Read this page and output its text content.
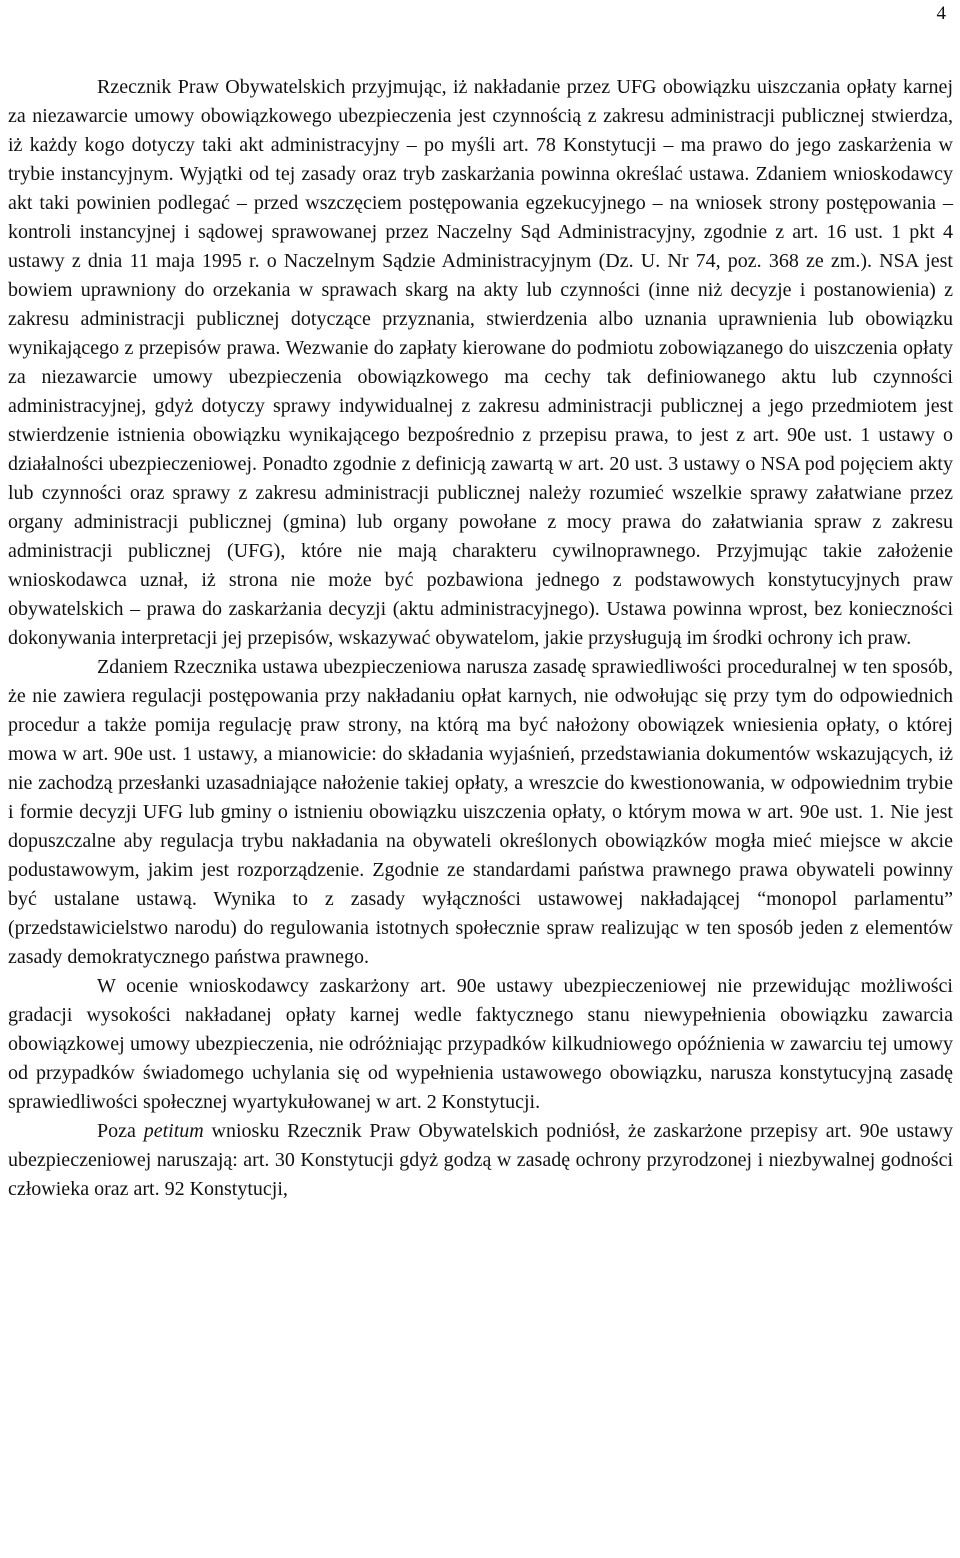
4

Rzecznik Praw Obywatelskich przyjmując, iż nakładanie przez UFG obowiązku uiszczania opłaty karnej za niezawarcie umowy obowiązkowego ubezpieczenia jest czynnością z zakresu administracji publicznej stwierdza, iż każdy kogo dotyczy taki akt administracyjny – po myśli art. 78 Konstytucji – ma prawo do jego zaskarżenia w trybie instancyjnym. Wyjątki od tej zasady oraz tryb zaskarżania powinna określać ustawa. Zdaniem wnioskodawcy akt taki powinien podlegać – przed wszczęciem postępowania egzekucyjnego – na wniosek strony postępowania – kontroli instancyjnej i sądowej sprawowanej przez Naczelny Sąd Administracyjny, zgodnie z art. 16 ust. 1 pkt 4 ustawy z dnia 11 maja 1995 r. o Naczelnym Sądzie Administracyjnym (Dz. U. Nr 74, poz. 368 ze zm.). NSA jest bowiem uprawniony do orzekania w sprawach skarg na akty lub czynności (inne niż decyzje i postanowienia) z zakresu administracji publicznej dotyczące przyznania, stwierdzenia albo uznania uprawnienia lub obowiązku wynikającego z przepisów prawa. Wezwanie do zapłaty kierowane do podmiotu zobowiązanego do uiszczenia opłaty za niezawarcie umowy ubezpieczenia obowiązkowego ma cechy tak definiowanego aktu lub czynności administracyjnej, gdyż dotyczy sprawy indywidualnej z zakresu administracji publicznej a jego przedmiotem jest stwierdzenie istnienia obowiązku wynikającego bezpośrednio z przepisu prawa, to jest z art. 90e ust. 1 ustawy o działalności ubezpieczeniowej. Ponadto zgodnie z definicją zawartą w art. 20 ust. 3 ustawy o NSA pod pojęciem akty lub czynności oraz sprawy z zakresu administracji publicznej należy rozumieć wszelkie sprawy załatwiane przez organy administracji publicznej (gmina) lub organy powołane z mocy prawa do załatwiania spraw z zakresu administracji publicznej (UFG), które nie mają charakteru cywilnoprawnego. Przyjmując takie założenie wnioskodawca uznał, iż strona nie może być pozbawiona jednego z podstawowych konstytucyjnych praw obywatelskich – prawa do zaskarżania decyzji (aktu administracyjnego). Ustawa powinna wprost, bez konieczności dokonywania interpretacji jej przepisów, wskazywać obywatelom, jakie przysługują im środki ochrony ich praw.

Zdaniem Rzecznika ustawa ubezpieczeniowa narusza zasadę sprawiedliwości proceduralnej w ten sposób, że nie zawiera regulacji postępowania przy nakładaniu opłat karnych, nie odwołując się przy tym do odpowiednich procedur a także pomija regulację praw strony, na którą ma być nałożony obowiązek wniesienia opłaty, o której mowa w art. 90e ust. 1 ustawy, a mianowicie: do składania wyjaśnień, przedstawiania dokumentów wskazujących, iż nie zachodzą przesłanki uzasadniające nałożenie takiej opłaty, a wreszcie do kwestionowania, w odpowiednim trybie i formie decyzji UFG lub gminy o istnieniu obowiązku uiszczenia opłaty, o którym mowa w art. 90e ust. 1. Nie jest dopuszczalne aby regulacja trybu nakładania na obywateli określonych obowiązków mogła mieć miejsce w akcie podustawowym, jakim jest rozporządzenie. Zgodnie ze standardami państwa prawnego prawa obywateli powinny być ustalane ustawą. Wynika to z zasady wyłączności ustawowej nakładającej “monopol parlamentu” (przedstawicielstwo narodu) do regulowania istotnych społecznie spraw realizując w ten sposób jeden z elementów zasady demokratycznego państwa prawnego.

W ocenie wnioskodawcy zaskarżony art. 90e ustawy ubezpieczeniowej nie przewidując możliwości gradacji wysokości nakładanej opłaty karnej wedle faktycznego stanu niewypełnienia obowiązku zawarcia obowiązkowej umowy ubezpieczenia, nie odróżniając przypadków kilkudniowego opóźnienia w zawarciu tej umowy od przypadków świadomego uchylania się od wypełnienia ustawowego obowiązku, narusza konstytucyjną zasadę sprawiedliwości społecznej wyartykułowanej w art. 2 Konstytucji.

Poza petitum wniosku Rzecznik Praw Obywatelskich podniósł, że zaskarżone przepisy art. 90e ustawy ubezpieczeniowej naruszają: art. 30 Konstytucji gdyż godzą w zasadę ochrony przyrodzonej i niezbywalnej godności człowieka oraz art. 92 Konstytucji,
